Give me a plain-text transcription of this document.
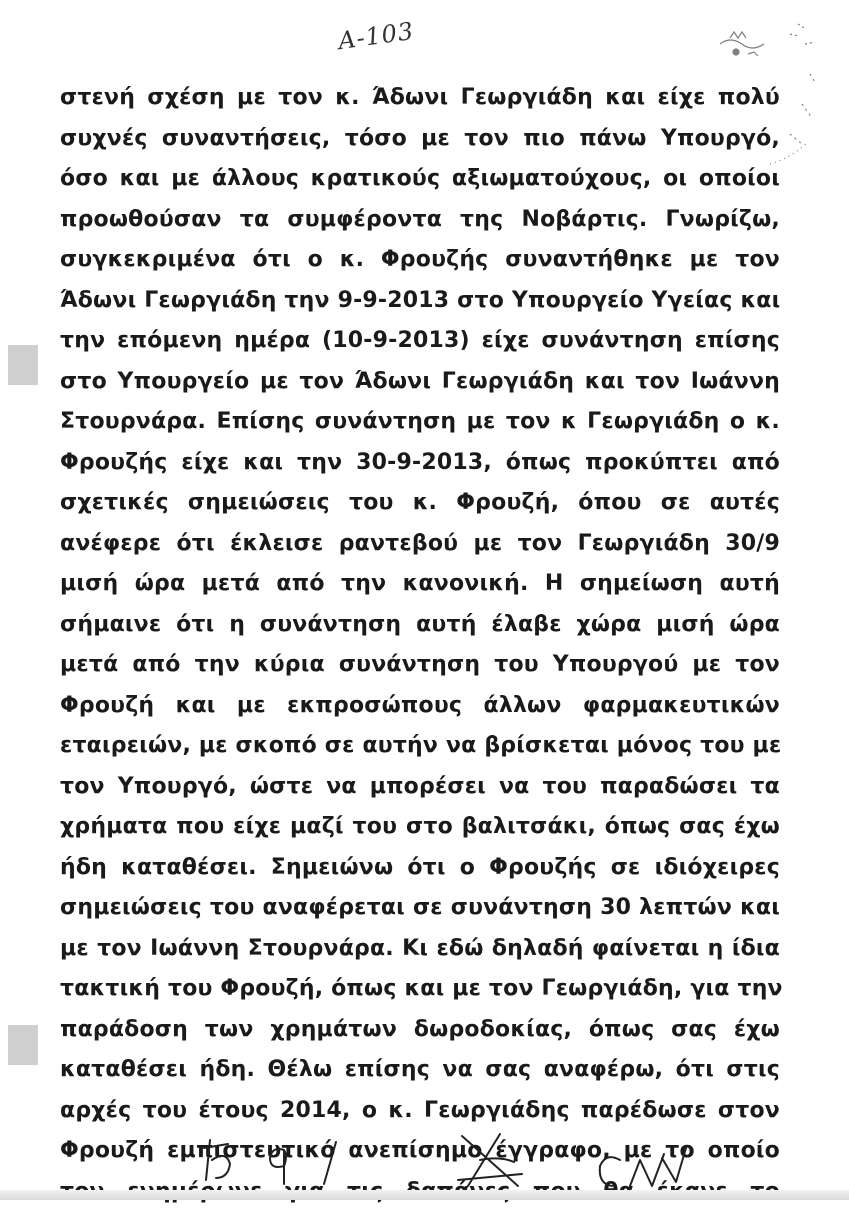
A-103
στενή σχέση με τον κ. Άδωνι Γεωργιάδη και είχε πολύ
συχνές συναντήσεις, τόσο με τον πιο πάνω Υπουργό,
όσο και με άλλους κρατικούς αξιωματούχους, οι οποίοι
προωθούσαν τα συμφέροντα της Νοβάρτις. Γνωρίζω,
συγκεκριμένα ότι ο κ. Φρουζής συναντήθηκε με τον
Άδωνι Γεωργιάδη την 9-9-2013 στο Υπουργείο Υγείας και
την επόμενη ημέρα (10-9-2013) είχε συνάντηση επίσης
στο Υπουργείο με τον Άδωνι Γεωργιάδη και τον Ιωάννη
Στουρνάρα. Επίσης συνάντηση με τον κ Γεωργιάδη ο κ.
Φρουζής είχε και την 30-9-2013, όπως προκύπτει από
σχετικές σημειώσεις του κ. Φρουζή, όπου σε αυτές
ανέφερε ότι έκλεισε ραντεβού με τον Γεωργιάδη 30/9
μισή ώρα μετά από την κανονική. Η σημείωση αυτή
σήμαινε ότι η συνάντηση αυτή έλαβε χώρα μισή ώρα
μετά από την κύρια συνάντηση του Υπουργού με τον
Φρουζή και με εκπροσώπους άλλων φαρμακευτικών
εταιρειών, με σκοπό σε αυτήν να βρίσκεται μόνος του με
τον Υπουργό, ώστε να μπορέσει να του παραδώσει τα
χρήματα που είχε μαζί του στο βαλιτσάκι, όπως σας έχω
ήδη καταθέσει. Σημειώνω ότι ο Φρουζής σε ιδιόχειρες
σημειώσεις του αναφέρεται σε συνάντηση 30 λεπτών και
με τον Ιωάννη Στουρνάρα. Κι εδώ δηλαδή φαίνεται η ίδια
τακτική του Φρουζή, όπως και με τον Γεωργιάδη, για την
παράδοση των χρημάτων δωροδοκίας, όπως σας έχω
καταθέσει ήδη. Θέλω επίσης να σας αναφέρω, ότι στις
αρχές του έτους 2014, ο κ. Γεωργιάδης παρέδωσε στον
Φρουζή εμπιστευτικό ανεπίσημο έγγραφο, με το οποίο
